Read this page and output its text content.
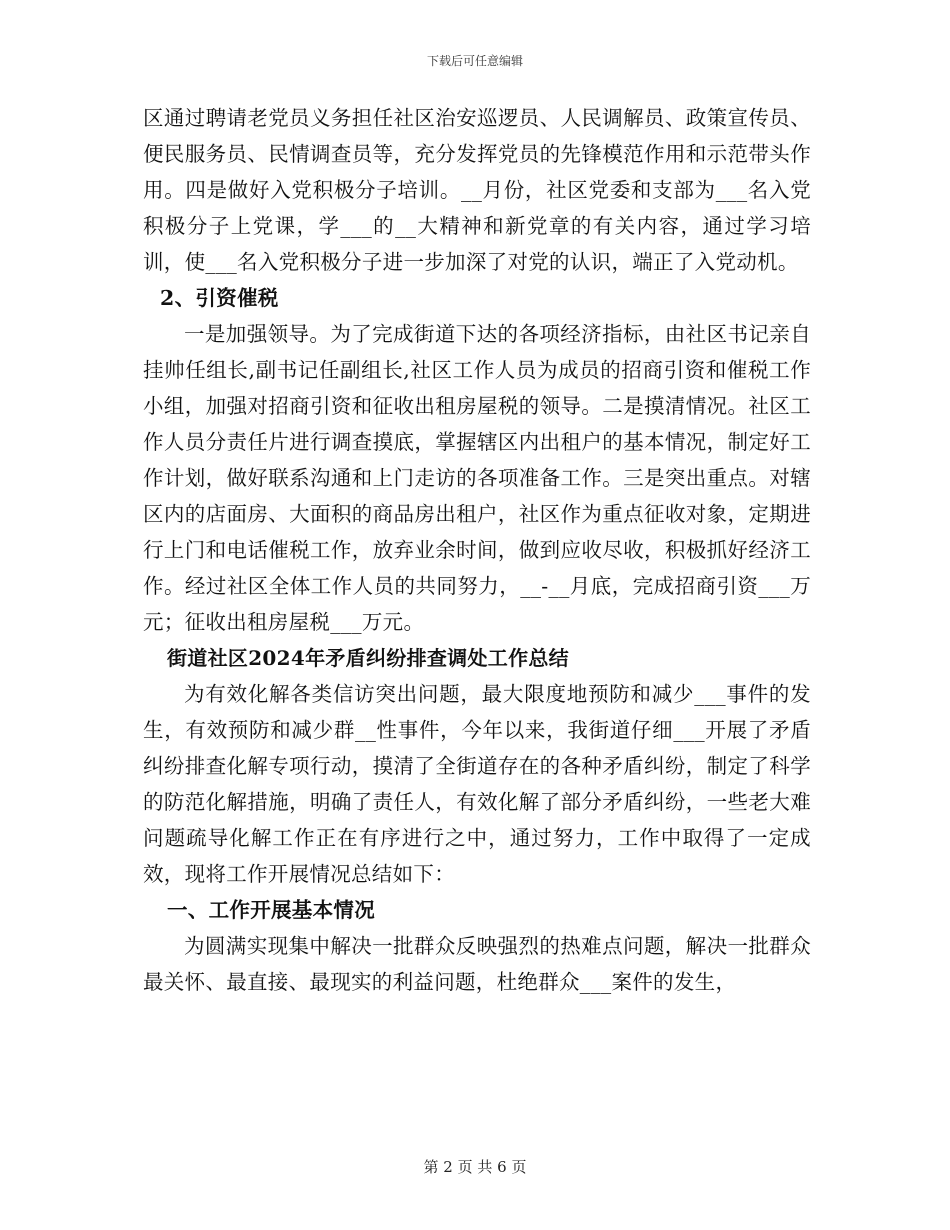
下载后可任意编辑

区通过聘请老党员义务担任社区治安巡逻员、人民调解员、政策宣传员、便民服务员、民情调查员等，充分发挥党员的先锋模范作用和示范带头作用。四是做好入党积极分子培训。__月份，社区党委和支部为___名入党积极分子上党课，学___的__大精神和新党章的有关内容，通过学习培训，使___名入党积极分子进一步加深了对党的认识，端正了入党动机。

2、引资催税

一是加强领导。为了完成街道下达的各项经济指标，由社区书记亲自挂帅任组长,副书记任副组长,社区工作人员为成员的招商引资和催税工作小组，加强对招商引资和征收出租房屋税的领导。二是摸清情况。社区工作人员分责任片进行调查摸底，掌握辖区内出租户的基本情况，制定好工作计划，做好联系沟通和上门走访的各项准备工作。三是突出重点。对辖区内的店面房、大面积的商品房出租户，社区作为重点征收对象，定期进行上门和电话催税工作，放弃业余时间，做到应收尽收，积极抓好经济工作。经过社区全体工作人员的共同努力，__-__月底，完成招商引资___万元；征收出租房屋税___万元。

街道社区2024年矛盾纠纷排查调处工作总结

为有效化解各类信访突出问题，最大限度地预防和减少___事件的发生，有效预防和减少群__性事件，今年以来，我街道仔细___开展了矛盾纠纷排查化解专项行动，摸清了全街道存在的各种矛盾纠纷，制定了科学的防范化解措施，明确了责任人，有效化解了部分矛盾纠纷，一些老大难问题疏导化解工作正在有序进行之中，通过努力，工作中取得了一定成效，现将工作开展情况总结如下：

一、工作开展基本情况

为圆满实现集中解决一批群众反映强烈的热难点问题，解决一批群众最关怀、最直接、最现实的利益问题，杜绝群众___案件的发生，

第 2 页 共 6 页
